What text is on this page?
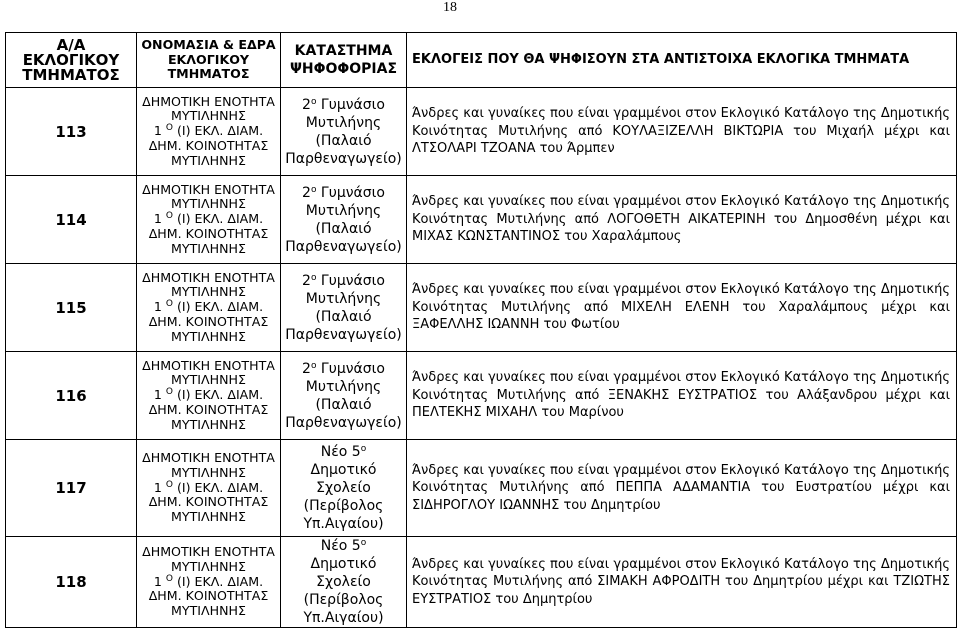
18
Α/Α ΕΚΛΟΓΙΚΟΥ ΤΜΗΜΑΤΟΣ	ΟΝΟΜΑΣΙΑ & ΕΔΡΑ ΕΚΛΟΓΙΚΟΥ ΤΜΗΜΑΤΟΣ	ΚΑΤΑΣΤΗΜΑ ΨΗΦΟΦΟΡΙΑΣ	ΕΚΛΟΓΕΙΣ ΠΟΥ ΘΑ ΨΗΦΙΣΟΥΝ ΣΤΑ ΑΝΤΙΣΤΟΙΧΑ ΕΚΛΟΓΙΚΑ ΤΜΗΜΑΤΑ
113	ΔΗΜΟΤΙΚΗ ΕΝΟΤΗΤΑ
ΜΥΤΙΛΗΝΗΣ
1 $^O$ (Ι) ΕΚΛ. ΔΙΑΜ.
ΔΗΜ. ΚΟΙΝΟΤΗΤΑΣ
ΜΥΤΙΛΗΝΗΣ	$2^o$ Γυμνάσιο
Μυτιλήνης
(Παλαιό
Παρθεναγωγείο)	Άνδρες και γυναίκες που είναι γραμμένοι στον Εκλογικό Κατάλογο της Δημοτικής Κοινότητας Μυτιλήνης από ΚΟΥΛΑΞΙΖΕΛΛΗ ΒΙΚΤΩΡΙΑ του Μιχαήλ μέχρι και ΛΤΣΟΛΑΡΙ ΤΖΟΑΝΑ του Άρμπεν
114	ΔΗΜΟΤΙΚΗ ΕΝΟΤΗΤΑ
ΜΥΤΙΛΗΝΗΣ
1 $^O$ (Ι) ΕΚΛ. ΔΙΑΜ.
ΔΗΜ. ΚΟΙΝΟΤΗΤΑΣ
ΜΥΤΙΛΗΝΗΣ	$2^o$ Γυμνάσιο
Μυτιλήνης
(Παλαιό
Παρθεναγωγείο)	Άνδρες και γυναίκες που είναι γραμμένοι στον Εκλογικό Κατάλογο της Δημοτικής Κοινότητας Μυτιλήνης από ΛΟΓΟΘΕΤΗ ΑΙΚΑΤΕΡΙΝΗ του Δημοσθένη μέχρι και ΜΙΧΑΣ ΚΩΝΣΤΑΝΤΙΝΟΣ του Χαραλάμπους
115	ΔΗΜΟΤΙΚΗ ΕΝΟΤΗΤΑ
ΜΥΤΙΛΗΝΗΣ
1 $^O$ (Ι) ΕΚΛ. ΔΙΑΜ.
ΔΗΜ. ΚΟΙΝΟΤΗΤΑΣ
ΜΥΤΙΛΗΝΗΣ	$2^o$ Γυμνάσιο
Μυτιλήνης
(Παλαιό
Παρθεναγωγείο)	Άνδρες και γυναίκες που είναι γραμμένοι στον Εκλογικό Κατάλογο της Δημοτικής Κοινότητας Μυτιλήνης από ΜΙΧΕΛΗ ΕΛΕΝΗ του Χαραλάμπους μέχρι και ΞΑΦΕΛΛΗΣ ΙΩΑΝΝΗ του Φωτίου
116	ΔΗΜΟΤΙΚΗ ΕΝΟΤΗΤΑ
ΜΥΤΙΛΗΝΗΣ
1 $^O$ (Ι) ΕΚΛ. ΔΙΑΜ.
ΔΗΜ. ΚΟΙΝΟΤΗΤΑΣ
ΜΥΤΙΛΗΝΗΣ	$2^o$ Γυμνάσιο
Μυτιλήνης
(Παλαιό
Παρθεναγωγείο)	Άνδρες και γυναίκες που είναι γραμμένοι στον Εκλογικό Κατάλογο της Δημοτικής Κοινότητας Μυτιλήνης από ΞΕΝΑΚΗΣ ΕΥΣΤΡΑΤΙΟΣ του Αλάξανδρου μέχρι και ΠΕΛΤΕΚΗΣ ΜΙΧΑΗΛ του Μαρίνου
117	ΔΗΜΟΤΙΚΗ ΕΝΟΤΗΤΑ
ΜΥΤΙΛΗΝΗΣ
1 $^O$ (Ι) ΕΚΛ. ΔΙΑΜ.
ΔΗΜ. ΚΟΙΝΟΤΗΤΑΣ
ΜΥΤΙΛΗΝΗΣ	Νέο $5^o$
Δημοτικό
Σχολείο
(Περίβολος
Υπ.Αιγαίου)	Άνδρες και γυναίκες που είναι γραμμένοι στον Εκλογικό Κατάλογο της Δημοτικής Κοινότητας Μυτιλήνης από ΠΕΠΠΑ ΑΔΑΜΑΝΤΙΑ του Ευστρατίου μέχρι και ΣΙΔΗΡΟΓΛΟΥ ΙΩΑΝΝΗΣ του Δημητρίου
118	ΔΗΜΟΤΙΚΗ ΕΝΟΤΗΤΑ
ΜΥΤΙΛΗΝΗΣ
1 $^O$ (Ι) ΕΚΛ. ΔΙΑΜ.
ΔΗΜ. ΚΟΙΝΟΤΗΤΑΣ
ΜΥΤΙΛΗΝΗΣ	Νέο $5^o$
Δημοτικό
Σχολείο
(Περίβολος
Υπ.Αιγαίου)	Άνδρες και γυναίκες που είναι γραμμένοι στον Εκλογικό Κατάλογο της Δημοτικής Κοινότητας Μυτιλήνης από ΣΙΜΑΚΗ ΑΦΡΟΔΙΤΗ του Δημητρίου μέχρι και ΤΖΙΩΤΗΣ ΕΥΣΤΡΑΤΙΟΣ του Δημητρίου
